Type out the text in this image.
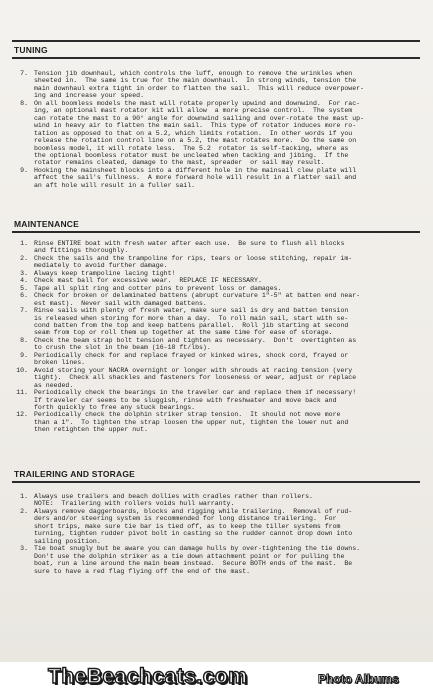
TUNING
7. Tension jib downhaul, which controls the luff, enough to remove the wrinkles when
sheeted in.  The same is true for the main downhaul.  In strong winds, tension the
main downhaul extra tight in order to flatten the sail.  This will reduce overpower-
ing and increase your speed.
8. On all boomless models the mast will rotate properly upwind and downwind.  For rac-
ing, an optional mast rotator kit will allow  a more precise control.  The system
can rotate the mast to a 90° angle for downwind sailing and over-rotate the mast up-
wind in heavy air to flatten the main sail.  This type of rotator induces more ro-
tation as opposed to that on a 5.2, which limits rotation.  In other words if you
release the rotation control line on a 5.2, the mast rotates more.  Do the same on
boomless model, it will rotate less.  The 5.2  rotator is self-tacking, where as
the optional boomless rotator must be uncleated when tacking and jibing.  If the
rotator remains cleated, damage to the mast, spreader  or sail may result.
9. Hooking the mainsheet blocks into a different hole in the mainsail clew plate will
affect the sail's fullness.  A more forward hole will result in a flatter sail and
an aft hole will result in a fuller sail.
MAINTENANCE
1. Rinse ENTIRE boat with fresh water after each use.  Be sure to flush all blocks
and fittings thoroughly.
2. Check the sails and the trampoline for rips, tears or loose stitching, repair im-
mediately to avoid further damage.
3. Always keep trampoline lacing tight!
4. Check mast ball for excessive wear.  REPLACE IF NECESSARY.
5. Tape all split ring and cotter pins to prevent loss or damages.
6. Check for broken or delaminated battens (abrupt curvature 1"-5" at batten end near-
est mast).  Never sail with damaged battens.
7. Rinse sails with plenty of fresh water, make sure sail is dry and batten tension
is released when storing for more than a day.  To roll main sail, start with se-
cond batten from the top and keep battens parallel.  Roll jib starting at second
seam from top or roll them up together at the same time for ease of storage.
8. Check the beam strap bolt tension and tighten as necessary.  Don't  overtighten as
to crush the slot in the beam (16-18 ft/lbs).
9. Periodically check for and replace frayed or kinked wires, shock cord, frayed or
broken lines.
10. Avoid storing your NACRA overnight or longer with shrouds at racing tension (very
tight).  Check all shackles and fasteners for looseness or wear, adjust or replace
as needed.
11. Periodically check the bearings in the traveler car and replace them if necessary!
If traveler car seems to be sluggish, rinse with freshwater and move back and
forth quickly to free any stuck bearings.
12. Periodically check the dolphin striker strap tension.  It should not move more
than a 1".  To tighten the strap loosen the upper nut, tighten the lower nut and
then retighten the upper nut.
TRAILERING AND STORAGE
1. Always use trailers and beach dollies with cradles rather than rollers.
NOTE:  Trailering with rollers voids hull warranty.
2. Always remove daggerboards, blocks and rigging while trailering.  Removal of rud-
ders and/or steering system is recommended for long distance trailering.  For
short trips, make sure tie bar is tied off, as to keep the tiller systems from
turning, tighten rudder pivot bolt in casting so the rudder cannot drop down into
sailing position.
3. Tie boat snugly but be aware you can damage hulls by over-tightening the tie downs.
Don't use the dolphin striker as a tie down attachment point or for pulling the
boat, run a line around the main beam instead.  Secure BOTH ends of the mast.  Be
sure to have a red flag flying off the end of the mast.
TheBeachcats.com	Photo Albums
